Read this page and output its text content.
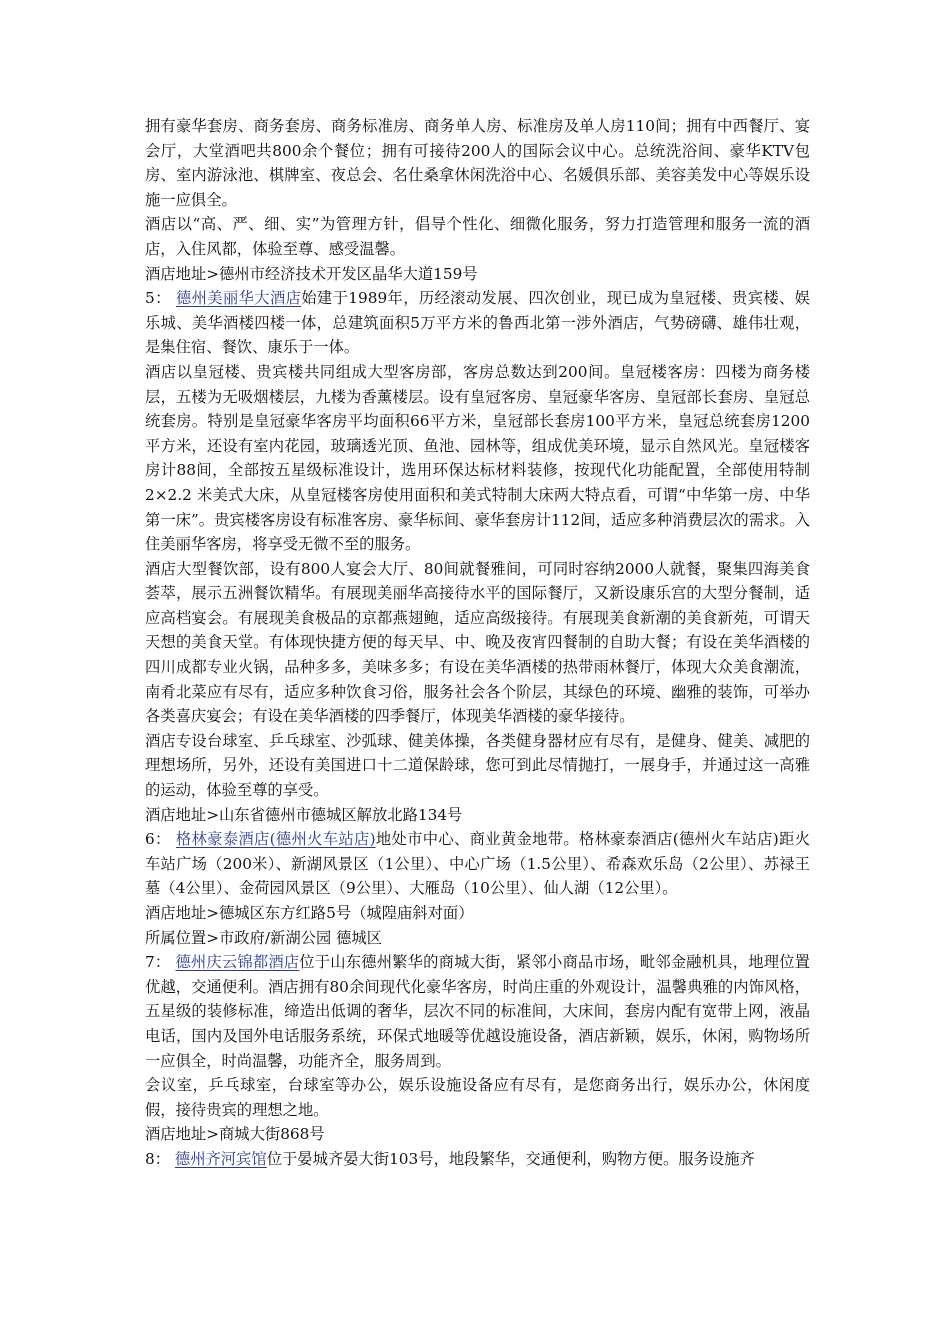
拥有豪华套房、商务套房、商务标准房、商务单人房、标准房及单人房110间；拥有中西餐厅、宴会厅，大堂酒吧共800余个餐位；拥有可接待200人的国际会议中心。总统洗浴间、豪华KTV包房、室内游泳池、棋牌室、夜总会、名仕桑拿休闲洗浴中心、名媛俱乐部、美容美发中心等娱乐设施一应俱全。

酒店以“高、严、细、实”为管理方针，倡导个性化、细微化服务，努力打造管理和服务一流的酒店，入住风都，体验至尊、感受温馨。

酒店地址>德州市经济技术开发区晶华大道159号

5： 德州美丽华大酒店始建于1989年，历经滚动发展、四次创业，现已成为皇冠楼、贵宾楼、娱乐城、美华酒楼四楼一体，总建筑面积5万平方米的鲁西北第一涉外酒店，气势磅礴、雄伟壮观，是集住宿、餐饮、康乐于一体。

酒店以皇冠楼、贵宾楼共同组成大型客房部，客房总数达到200间。皇冠楼客房：四楼为商务楼层，五楼为无吸烟楼层，九楼为香薰楼层。设有皇冠客房、皇冠豪华客房、皇冠部长套房、皇冠总统套房。特别是皇冠豪华客房平均面积66平方米，皇冠部长套房100平方米，皇冠总统套房1200平方米，还设有室内花园，玻璃透光顶、鱼池、园林等，组成优美环境，显示自然风光。皇冠楼客房计88间，全部按五星级标准设计，选用环保达标材料装修，按现代化功能配置，全部使用特制 2×2.2 米美式大床，从皇冠楼客房使用面积和美式特制大床两大特点看，可谓“中华第一房、中华第一床”。贵宾楼客房设有标准客房、豪华标间、豪华套房计112间，适应多种消费层次的需求。入住美丽华客房，将享受无微不至的服务。

酒店大型餐饮部，设有800人宴会大厅、80间就餐雅间，可同时容纳2000人就餐，聚集四海美食荟萃，展示五洲餐饮精华。有展现美丽华高接待水平的国际餐厅，又新设康乐宫的大型分餐制，适应高档宴会。有展现美食极品的京都燕翅鲍，适应高级接待。有展现美食新潮的美食新苑，可谓天天想的美食天堂。有体现快捷方便的每天早、中、晚及夜宵四餐制的自助大餐；有设在美华酒楼的四川成都专业火锅，品种多多，美味多多；有设在美华酒楼的热带雨林餐厅，体现大众美食潮流，南肴北菜应有尽有，适应多种饮食习俗，服务社会各个阶层，其绿色的环境、幽雅的装饰，可举办各类喜庆宴会；有设在美华酒楼的四季餐厅，体现美华酒楼的豪华接待。

酒店专设台球室、乒乓球室、沙弧球、健美体操，各类健身器材应有尽有，是健身、健美、减肥的理想场所，另外，还设有美国进口十二道保龄球，您可到此尽情抛打，一展身手，并通过这一高雅的运动，体验至尊的享受。

酒店地址>山东省德州市德城区解放北路134号

6： 格林豪泰酒店(德州火车站店)地处市中心、商业黄金地带。格林豪泰酒店(德州火车站店)距火车站广场（200米）、新湖风景区（1公里）、中心广场（1.5公里）、希森欢乐岛（2公里）、苏禄王墓（4公里）、金荷园风景区（9公里）、大雁岛（10公里）、仙人湖（12公里）。

酒店地址>德城区东方红路5号（城隍庙斜对面）

所属位置>市政府/新湖公园 德城区

7： 德州庆云锦都酒店位于山东德州繁华的商城大街，紧邻小商品市场，毗邻金融机具，地理位置优越，交通便利。酒店拥有80余间现代化豪华客房，时尚庄重的外观设计，温馨典雅的内饰风格，五星级的装修标准，缔造出低调的奢华，层次不同的标准间，大床间，套房内配有宽带上网，液晶电话，国内及国外电话服务系统，环保式地暖等优越设施设备，酒店新颖，娱乐，休闲，购物场所一应俱全，时尚温馨，功能齐全，服务周到。

会议室，乒乓球室，台球室等办公，娱乐设施设备应有尽有，是您商务出行，娱乐办公，休闲度假，接待贵宾的理想之地。

酒店地址>商城大街868号

8： 德州齐河宾馆位于晏城齐晏大街103号，地段繁华，交通便利，购物方便。服务设施齐
